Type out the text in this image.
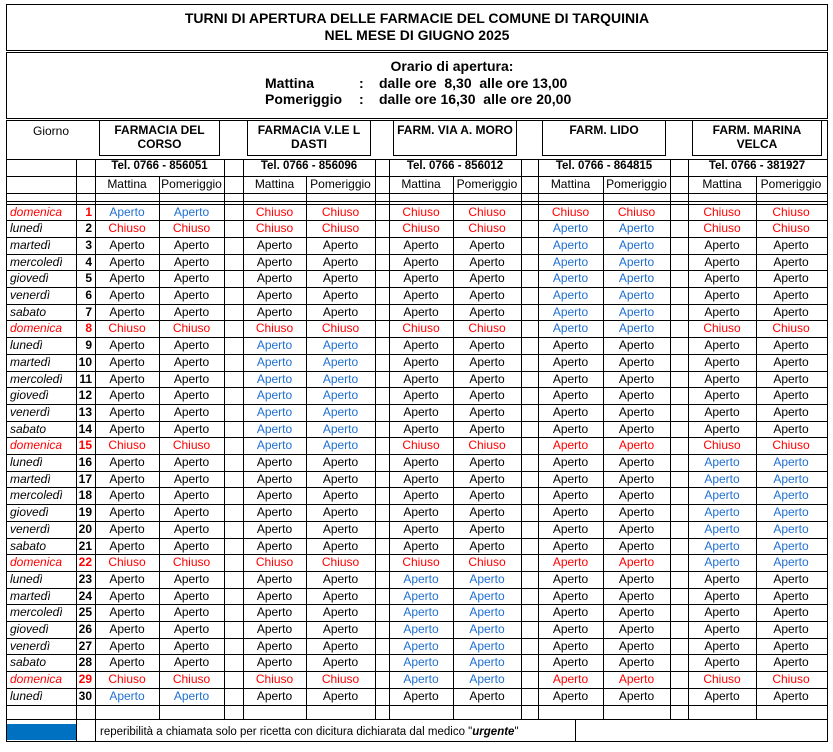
TURNI DI APERTURA DELLE FARMACIE DEL COMUNE DI TARQUINIA
NEL MESE DI GIUGNO 2025
Orario di apertura:
Mattina	:	dalle ore  8,30  alle ore 13,00
Pomeriggio	:	dalle ore 16,30  alle ore 20,00
reperibilità a chiamata solo per ricetta con dicitura dichiarata dal medico "urgente"
Giorno	FARMACIA DEL
CORSO
Tel. 0766 - 856051
Mattina	Pomeriggio
FARMACIA V.LE L
DASTI
Tel. 0766 - 856096
Mattina	Pomeriggio
FARM. VIA A. MORO
Tel. 0766 - 856012
Mattina	Pomeriggio
FARM. LIDO
Tel. 0766 - 864815
Mattina	Pomeriggio
FARM. MARINA
VELCA
Tel. 0766 - 381927
Mattina	Pomeriggio
domenica	1	Aperto	Aperto	Chiuso	Chiuso	Chiuso	Chiuso	Chiuso	Chiuso	Chiuso	Chiuso
lunedì	2	Chiuso	Chiuso	Chiuso	Chiuso	Chiuso	Chiuso	Aperto	Aperto	Chiuso	Chiuso
martedì	3	Aperto	Aperto	Aperto	Aperto	Aperto	Aperto	Aperto	Aperto	Aperto	Aperto
mercoledì	4	Aperto	Aperto	Aperto	Aperto	Aperto	Aperto	Aperto	Aperto	Aperto	Aperto
giovedì	5	Aperto	Aperto	Aperto	Aperto	Aperto	Aperto	Aperto	Aperto	Aperto	Aperto
venerdì	6	Aperto	Aperto	Aperto	Aperto	Aperto	Aperto	Aperto	Aperto	Aperto	Aperto
sabato	7	Aperto	Aperto	Aperto	Aperto	Aperto	Aperto	Aperto	Aperto	Aperto	Aperto
domenica	8	Chiuso	Chiuso	Chiuso	Chiuso	Chiuso	Chiuso	Aperto	Aperto	Chiuso	Chiuso
lunedì	9	Aperto	Aperto	Aperto	Aperto	Aperto	Aperto	Aperto	Aperto	Aperto	Aperto
martedì	10	Aperto	Aperto	Aperto	Aperto	Aperto	Aperto	Aperto	Aperto	Aperto	Aperto
mercoledì	11	Aperto	Aperto	Aperto	Aperto	Aperto	Aperto	Aperto	Aperto	Aperto	Aperto
giovedì	12	Aperto	Aperto	Aperto	Aperto	Aperto	Aperto	Aperto	Aperto	Aperto	Aperto
venerdì	13	Aperto	Aperto	Aperto	Aperto	Aperto	Aperto	Aperto	Aperto	Aperto	Aperto
sabato	14	Aperto	Aperto	Aperto	Aperto	Aperto	Aperto	Aperto	Aperto	Aperto	Aperto
domenica	15	Chiuso	Chiuso	Aperto	Aperto	Chiuso	Chiuso	Aperto	Aperto	Chiuso	Chiuso
lunedì	16	Aperto	Aperto	Aperto	Aperto	Aperto	Aperto	Aperto	Aperto	Aperto	Aperto
martedì	17	Aperto	Aperto	Aperto	Aperto	Aperto	Aperto	Aperto	Aperto	Aperto	Aperto
mercoledì	18	Aperto	Aperto	Aperto	Aperto	Aperto	Aperto	Aperto	Aperto	Aperto	Aperto
giovedì	19	Aperto	Aperto	Aperto	Aperto	Aperto	Aperto	Aperto	Aperto	Aperto	Aperto
venerdì	20	Aperto	Aperto	Aperto	Aperto	Aperto	Aperto	Aperto	Aperto	Aperto	Aperto
sabato	21	Aperto	Aperto	Aperto	Aperto	Aperto	Aperto	Aperto	Aperto	Aperto	Aperto
domenica	22	Chiuso	Chiuso	Chiuso	Chiuso	Chiuso	Chiuso	Aperto	Aperto	Aperto	Aperto
lunedì	23	Aperto	Aperto	Aperto	Aperto	Aperto	Aperto	Aperto	Aperto	Aperto	Aperto
martedì	24	Aperto	Aperto	Aperto	Aperto	Aperto	Aperto	Aperto	Aperto	Aperto	Aperto
mercoledì	25	Aperto	Aperto	Aperto	Aperto	Aperto	Aperto	Aperto	Aperto	Aperto	Aperto
giovedì	26	Aperto	Aperto	Aperto	Aperto	Aperto	Aperto	Aperto	Aperto	Aperto	Aperto
venerdì	27	Aperto	Aperto	Aperto	Aperto	Aperto	Aperto	Aperto	Aperto	Aperto	Aperto
sabato	28	Aperto	Aperto	Aperto	Aperto	Aperto	Aperto	Aperto	Aperto	Aperto	Aperto
domenica	29	Chiuso	Chiuso	Chiuso	Chiuso	Aperto	Aperto	Aperto	Aperto	Chiuso	Chiuso
lunedì	30	Aperto	Aperto	Aperto	Aperto	Aperto	Aperto	Aperto	Aperto	Aperto	Aperto
